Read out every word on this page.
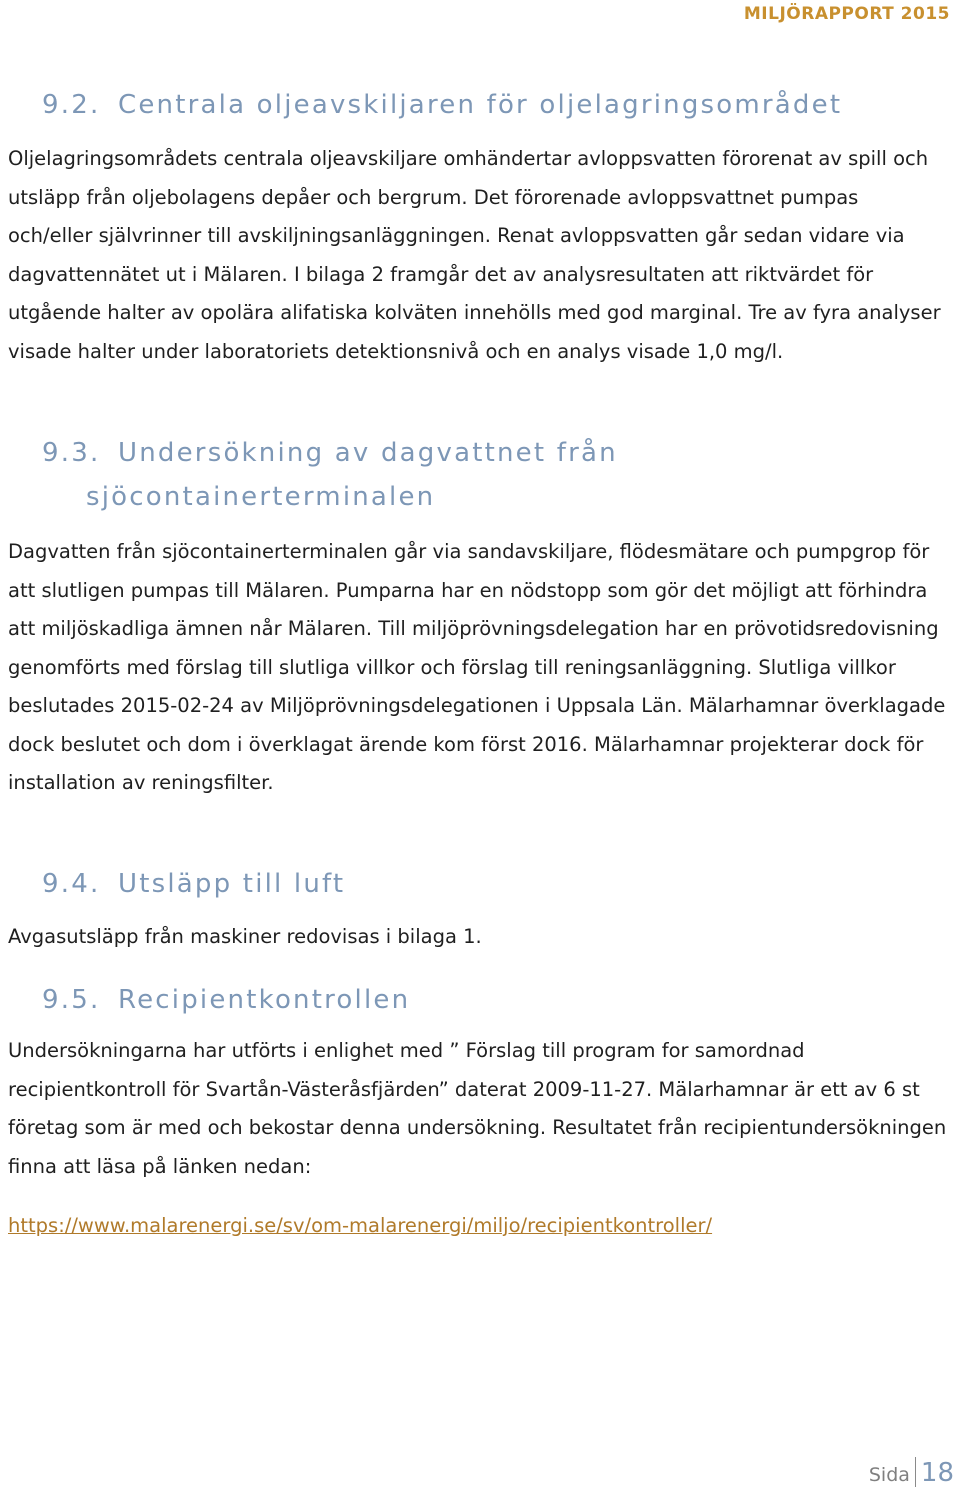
MILJÖRAPPORT 2015
9.2. Centrala oljeavskiljaren för oljelagringsområdet

Oljelagringsområdets centrala oljeavskiljare omhändertar avloppsvatten förorenat av spill och utsläpp från oljebolagens depåer och bergrum. Det förorenade avloppsvattnet pumpas och/eller självrinner till avskiljningsanläggningen. Renat avloppsvatten går sedan vidare via dagvattennätet ut i Mälaren. I bilaga 2 framgår det av analysresultaten att riktvärdet för utgående halter av opolära alifatiska kolväten innehölls med god marginal. Tre av fyra analyser visade halter under laboratoriets detektionsnivå och en analys visade 1,0 mg/l.

9.3. Undersökning av dagvattnet från
sjöcontainerterminalen

Dagvatten från sjöcontainerterminalen går via sandavskiljare, flödesmätare och pumpgrop för att slutligen pumpas till Mälaren. Pumparna har en nödstopp som gör det möjligt att förhindra att miljöskadliga ämnen når Mälaren. Till miljöprövningsdelegation har en prövotidsredovisning genomförts med förslag till slutliga villkor och förslag till reningsanläggning. Slutliga villkor beslutades 2015-02-24 av Miljöprövningsdelegationen i Uppsala Län. Mälarhamnar överklagade dock beslutet och dom i överklagat ärende kom först 2016. Mälarhamnar projekterar dock för installation av reningsfilter.

9.4. Utsläpp till luft

Avgasutsläpp från maskiner redovisas i bilaga 1.

9.5. Recipientkontrollen

Undersökningarna har utförts i enlighet med ” Förslag till program for samordnad recipientkontroll för Svartån-Västeråsfjärden” daterat 2009-11-27. Mälarhamnar är ett av 6 st företag som är med och bekostar denna undersökning. Resultatet från recipientundersökningen finna att läsa på länken nedan:

https://www.malarenergi.se/sv/om-malarenergi/miljo/recipientkontroller/
Sida 18
